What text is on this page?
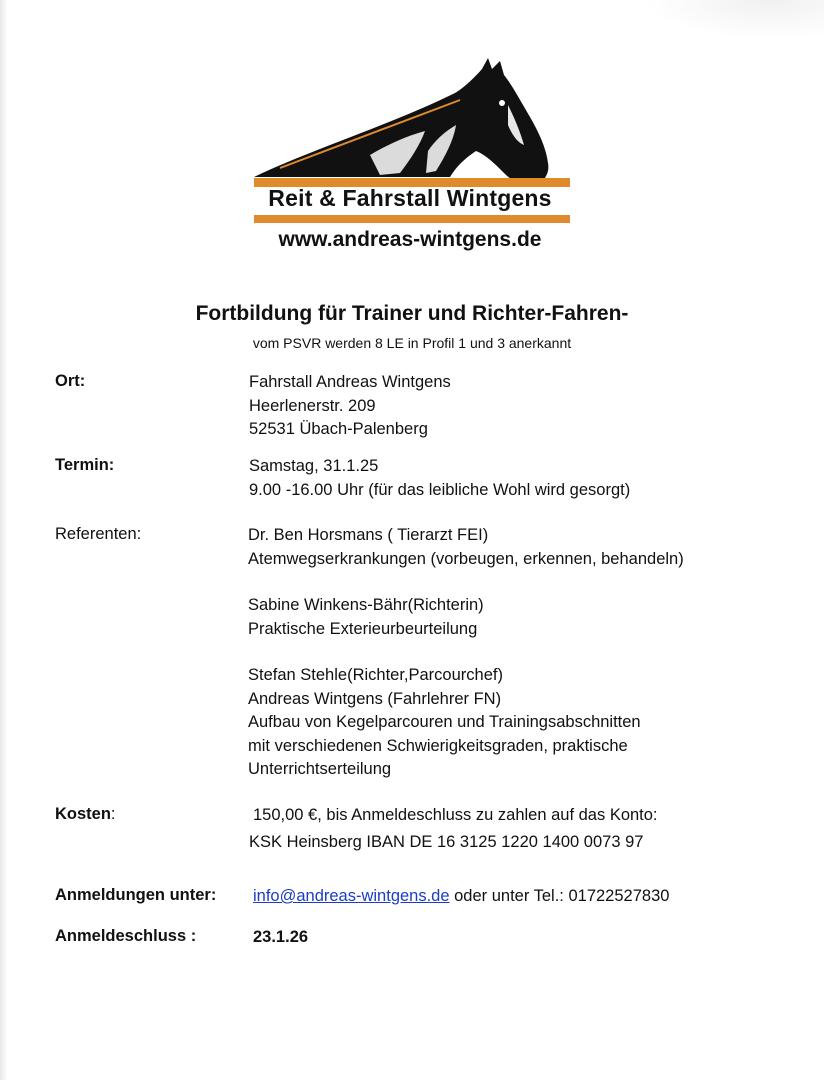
Reit & Fahrstall Wintgens
www.andreas-wintgens.de
Fortbildung für Trainer und Richter-Fahren-
vom PSVR werden 8 LE in Profil 1 und 3 anerkannt
Ort:	Fahrstall Andreas Wintgens
Heerlenerstr. 209
52531 Übach-Palenberg
Termin:	Samstag, 31.1.25
9.00 -16.00 Uhr (für das leibliche Wohl wird gesorgt)
Referenten:	Dr. Ben Horsmans ( Tierarzt FEI)
Atemwegserkrankungen (vorbeugen, erkennen, behandeln)
Sabine Winkens-Bähr(Richterin)
Praktische Exterieurbeurteilung
Stefan Stehle(Richter,Parcourchef)
Andreas Wintgens (Fahrlehrer FN)
Aufbau von Kegelparcouren und Trainingsabschnitten
mit verschiedenen Schwierigkeitsgraden, praktische
Unterrichtserteilung
Kosten:	150,00 €, bis Anmeldeschluss zu zahlen auf das Konto:
KSK Heinsberg IBAN DE 16 3125 1220 1400 0073 97
Anmeldungen unter: info@andreas-wintgens.de oder unter Tel.: 01722527830
Anmeldeschluss :	23.1.26
